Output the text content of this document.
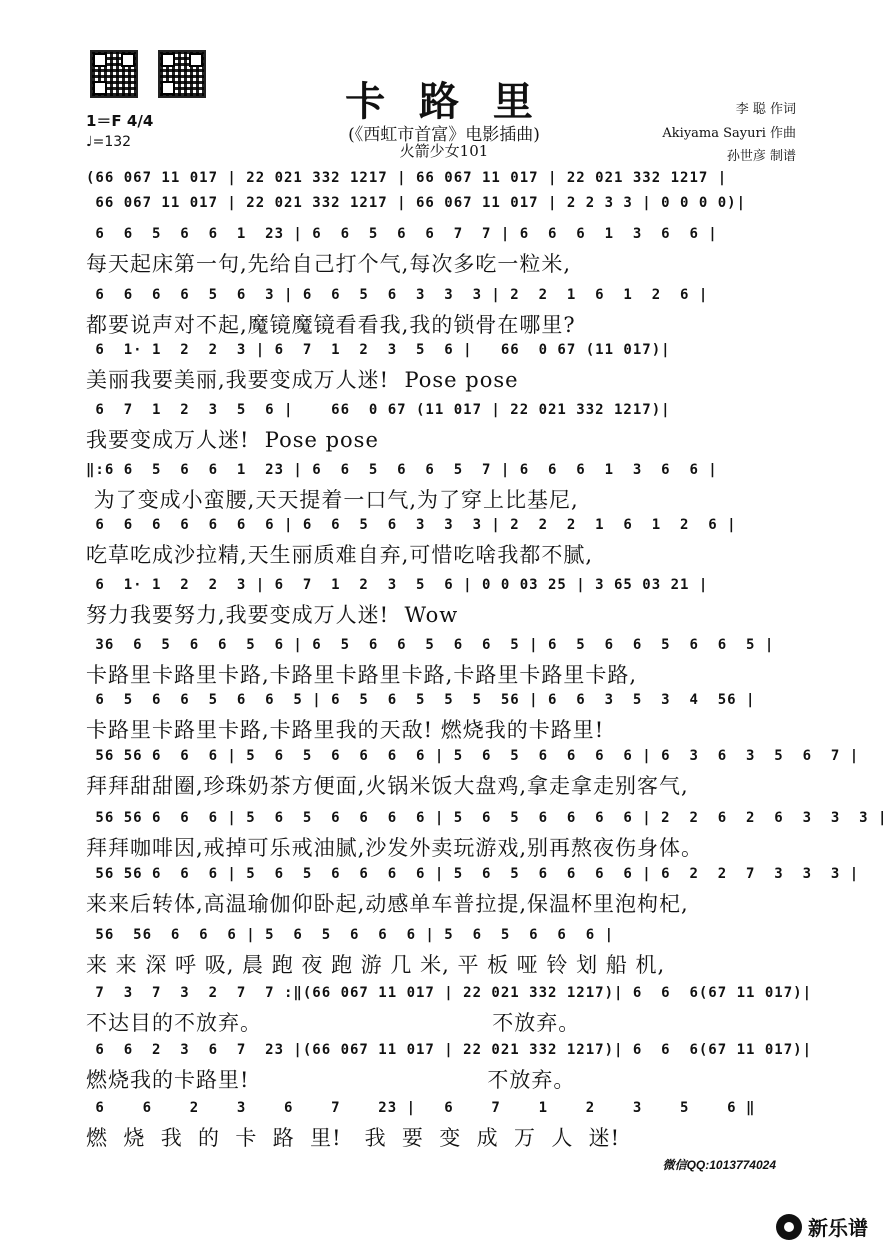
卡 路 里
(《西虹市首富》电影插曲)
火箭少女101
1＝F 4/4
♩=132
李 聪 作词
Akiyama Sayuri 作曲
孙世彦 制谱
(66 067 11 017 | 22 021 332 1217 | 66 067 11 017 | 22 021 332 1217 |
66 067 11 017 | 22 021 332 1217 | 66 067 11 017 | 2 2 3 3 | 0 0 0 0)|
6  6  5  6  6  1  23 | 6  6  5  6  6  7  7 | 6  6  6  1  3  6  6 |
每天起床第一句,先给自己打个气,每次多吃一粒米,
6  6  6  6  5  6  3 | 6  6  5  6  3  3  3 | 2  2  1  6  1  2  6 |
都要说声对不起,魔镜魔镜看看我,我的锁骨在哪里?
6  1· 1  2  2  3 | 6  7  1  2  3  5  6 |   66  0 67 (11 017)|
美丽我要美丽,我要变成万人迷!  Pose pose
6  7  1  2  3  5  6 |    66  0 67 (11 017 | 22 021 332 1217)|
我要变成万人迷!  Pose pose
‖:6 6  5  6  6  1  23 | 6  6  5  6  6  5  7 | 6  6  6  1  3  6  6 |
为了变成小蛮腰,天天提着一口气,为了穿上比基尼,
6  6  6  6  6  6  6 | 6  6  5  6  3  3  3 | 2  2  2  1  6  1  2  6 |
吃草吃成沙拉精,天生丽质难自弃,可惜吃啥我都不腻,
6  1· 1  2  2  3 | 6  7  1  2  3  5  6 | 0 0 03 25 | 3 65 03 21 |
努力我要努力,我要变成万人迷!  Wow
36  6  5  6  6  5  6 | 6  5  6  6  5  6  6  5 | 6  5  6  6  5  6  6  5 |
卡路里卡路里卡路,卡路里卡路里卡路,卡路里卡路里卡路,
6  5  6  6  5  6  6  5 | 6  5  6  5  5  5  56 | 6  6  3  5  3  4  56 |
卡路里卡路里卡路,卡路里我的天敌! 燃烧我的卡路里!
56 56 6  6  6 | 5  6  5  6  6  6  6 | 5  6  5  6  6  6  6 | 6  3  6  3  5  6  7 |
拜拜甜甜圈,珍珠奶茶方便面,火锅米饭大盘鸡,拿走拿走别客气,
56 56 6  6  6 | 5  6  5  6  6  6  6 | 5  6  5  6  6  6  6 | 2  2  6  2  6  3  3  3 |
拜拜咖啡因,戒掉可乐戒油腻,沙发外卖玩游戏,别再熬夜伤身体。
56 56 6  6  6 | 5  6  5  6  6  6  6 | 5  6  5  6  6  6  6 | 6  2  2  7  3  3  3 |
来来后转体,高温瑜伽仰卧起,动感单车普拉提,保温杯里泡枸杞,
56  56  6  6  6 | 5  6  5  6  6  6 | 5  6  5  6  6  6 |
来 来 深 呼 吸, 晨 跑 夜 跑 游 几 米, 平 板 哑 铃 划 船 机,
7  3  7  3  2  7  7 :‖(66 067 11 017 | 22 021 332 1217)| 6  6  6(67 11 017)|
不达目的不放弃。                              不放弃。
6  6  2  3  6  7  23 |(66 067 11 017 | 22 021 332 1217)| 6  6  6(67 11 017)|
燃烧我的卡路里!                               不放弃。
6    6    2    3    6    7    23 |   6    7    1    2    3    5    6 ‖
燃  烧  我  的  卡  路  里!   我  要  变  成  万  人  迷!
微信QQ:1013774024
新乐谱
